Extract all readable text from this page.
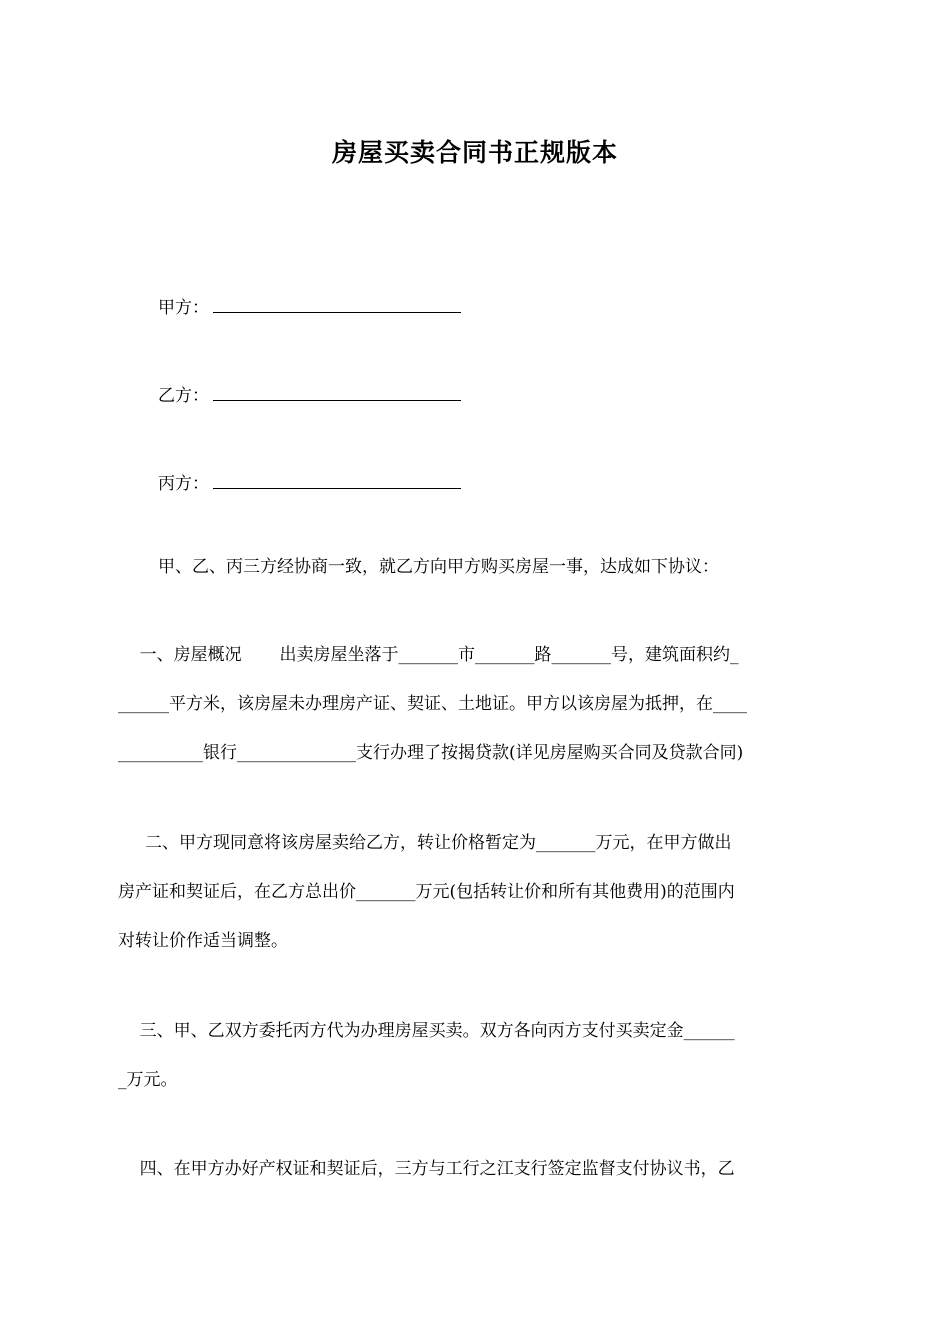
房屋买卖合同书正规版本
甲方：
乙方：
丙方：
甲、乙、丙三方经协商一致，就乙方向甲方购买房屋一事，达成如下协议：
一、房屋概况       出卖房屋坐落于_______市_______路_______号，建筑面积约_
______平方米，该房屋未办理房产证、契证、土地证。甲方以该房屋为抵押，在____
__________银行______________支行办理了按揭贷款(详见房屋购买合同及贷款合同)
二、甲方现同意将该房屋卖给乙方，转让价格暂定为_______万元，在甲方做出
房产证和契证后，在乙方总出价_______万元(包括转让价和所有其他费用)的范围内
对转让价作适当调整。
三、甲、乙双方委托丙方代为办理房屋买卖。双方各向丙方支付买卖定金______
_万元。
四、在甲方办好产权证和契证后，三方与工行之江支行签定监督支付协议书，乙
